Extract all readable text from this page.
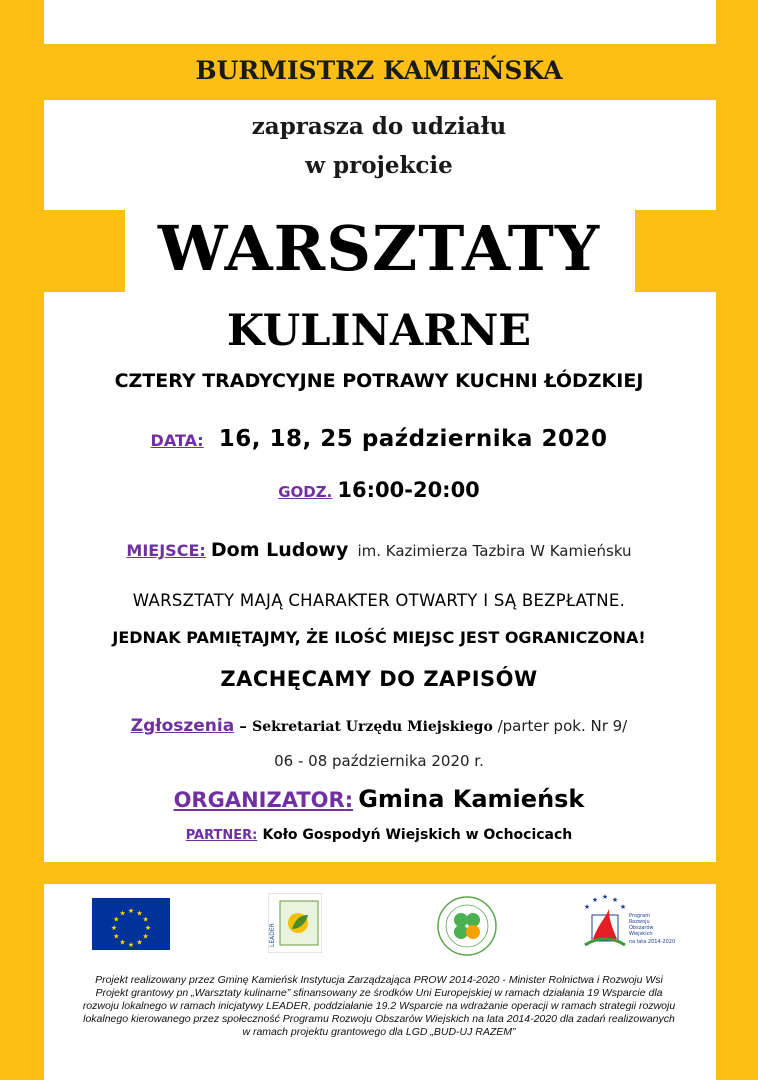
BURMISTRZ KAMIEŃSKA
zaprasza do udziału
w projekcie
WARSZTATY
KULINARNE
CZTERY TRADYCYJNE POTRAWY KUCHNI ŁÓDZKIEJ
DATA: 16, 18, 25 października 2020
GODZ. 16:00-20:00
MIEJSCE: Dom Ludowy im. Kazimierza Tazbira W Kamieńsku
WARSZTATY MAJĄ CHARAKTER OTWARTY I SĄ BEZPŁATNE.
JEDNAK PAMIĘTAJMY, ŻE ILOŚĆ MIEJSC JEST OGRANICZONA!
ZACHĘCAMY DO ZAPISÓW
Zgłoszenia – Sekretariat Urzędu Miejskiego /parter pok. Nr 9/
06 - 08 października 2020 r.
ORGANIZATOR: Gmina Kamieńsk
PARTNER: Koło Gospodyń Wiejskich w Ochocicach
★ ★
★
★
★
★
★
★
★
★
★
★
LEADER
★
★ ★ ★
★
Program
Rozwoju
Obszarów
Wiejskich
na lata 2014-2020
Projekt realizowany przez Gminę Kamieńsk Instytucja Zarządzająca PROW 2014-2020 - Minister Rolnictwa i Rozwoju Wsi
Projekt grantowy pn „Warsztaty kulinarne” sfinansowany ze środków Uni Europejskiej w ramach działania 19 Wsparcie dla
rozwoju lokalnego w ramach inicjatywy LEADER, poddziałanie 19.2 Wsparcie na wdrażanie operacji w ramach strategii rozwoju
lokalnego kierowanego przez społeczność Programu Rozwoju Obszarów Wiejskich na lata 2014-2020 dla zadań realizowanych
w ramach projektu grantowego dla LGD „BUD-UJ RAZEM”
